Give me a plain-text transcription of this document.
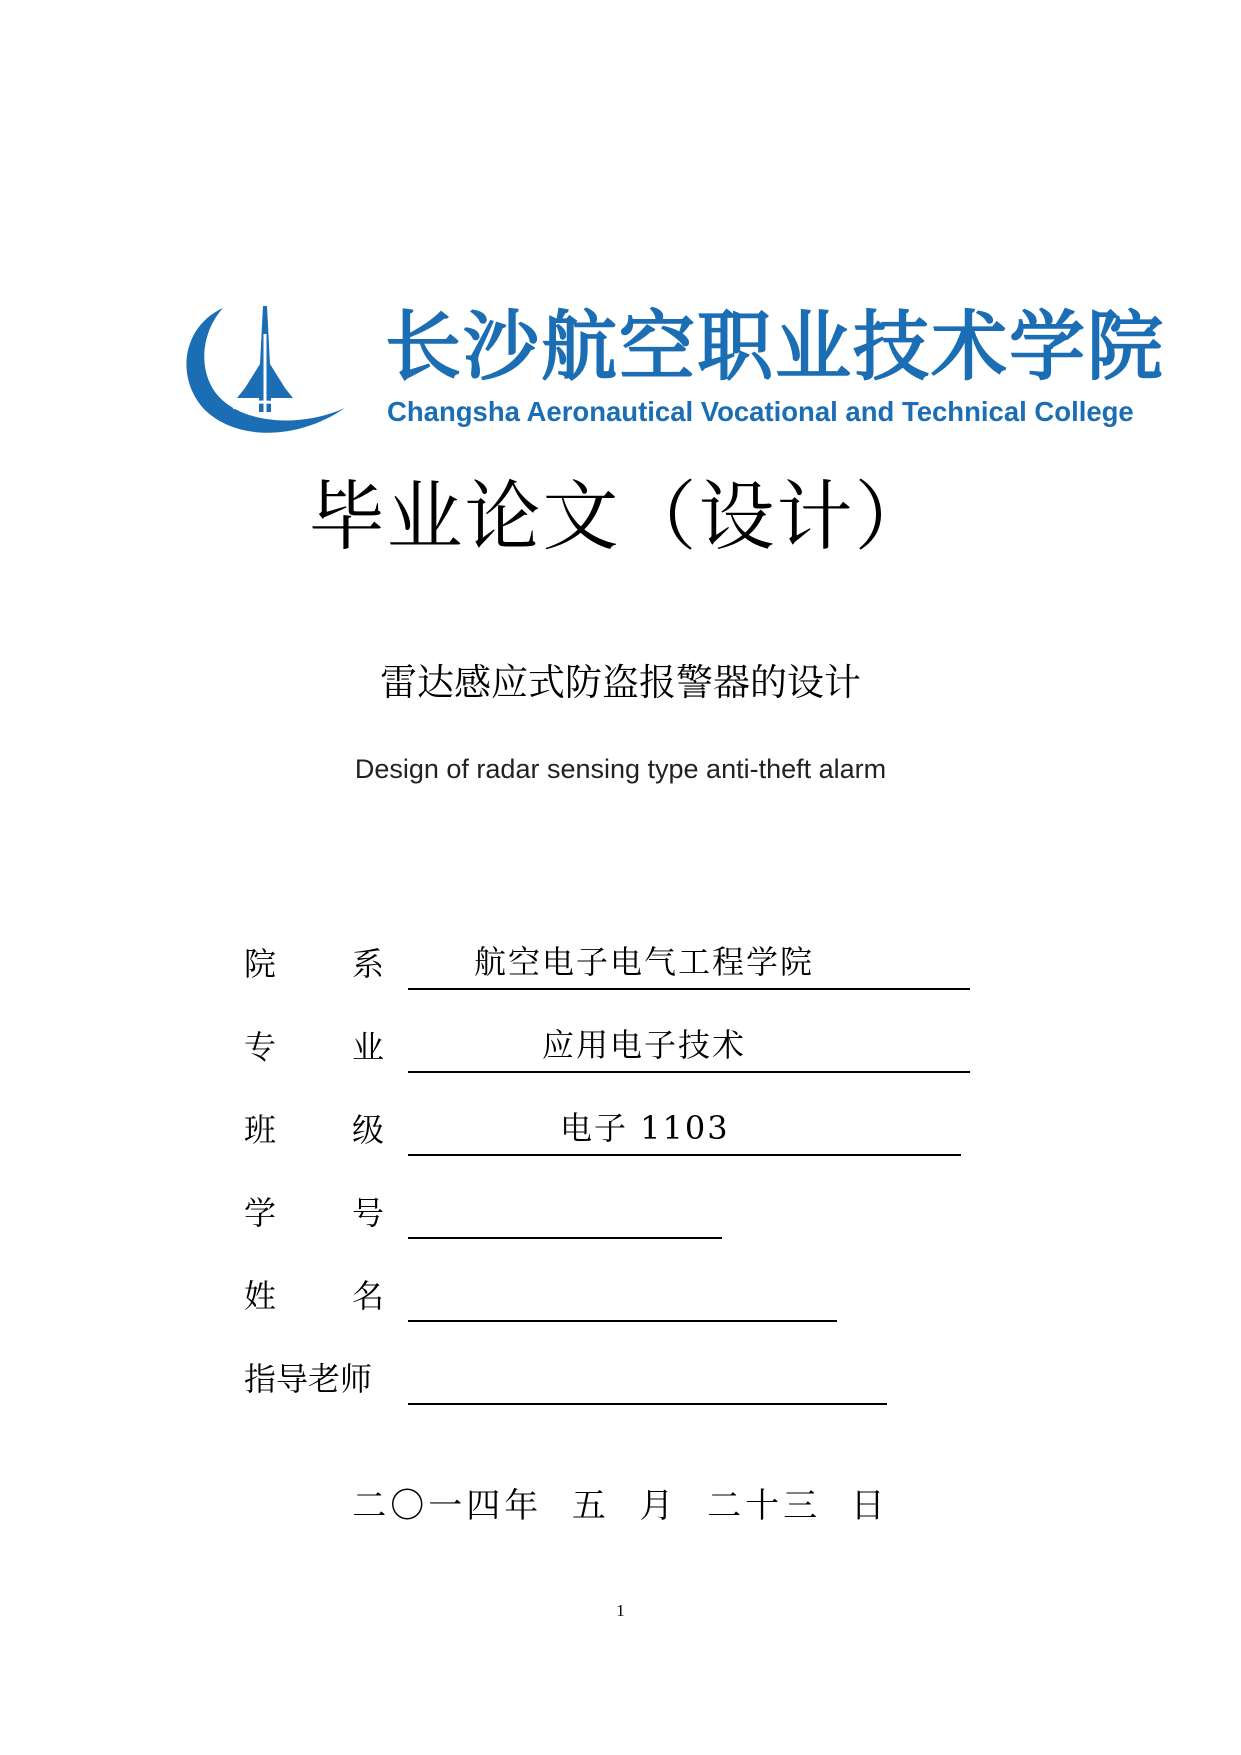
长沙航空职业技术学院
Changsha Aeronautical Vocational and Technical College
毕业论文（设计）
雷达感应式防盗报警器的设计
Design of radar sensing type anti-theft alarm
院 系	航空电子电气工程学院
专 业	应用电子技术
班 级	电子 1103
学 号
姓 名
指导老师
二〇一四年  五  月  二十三  日
1
